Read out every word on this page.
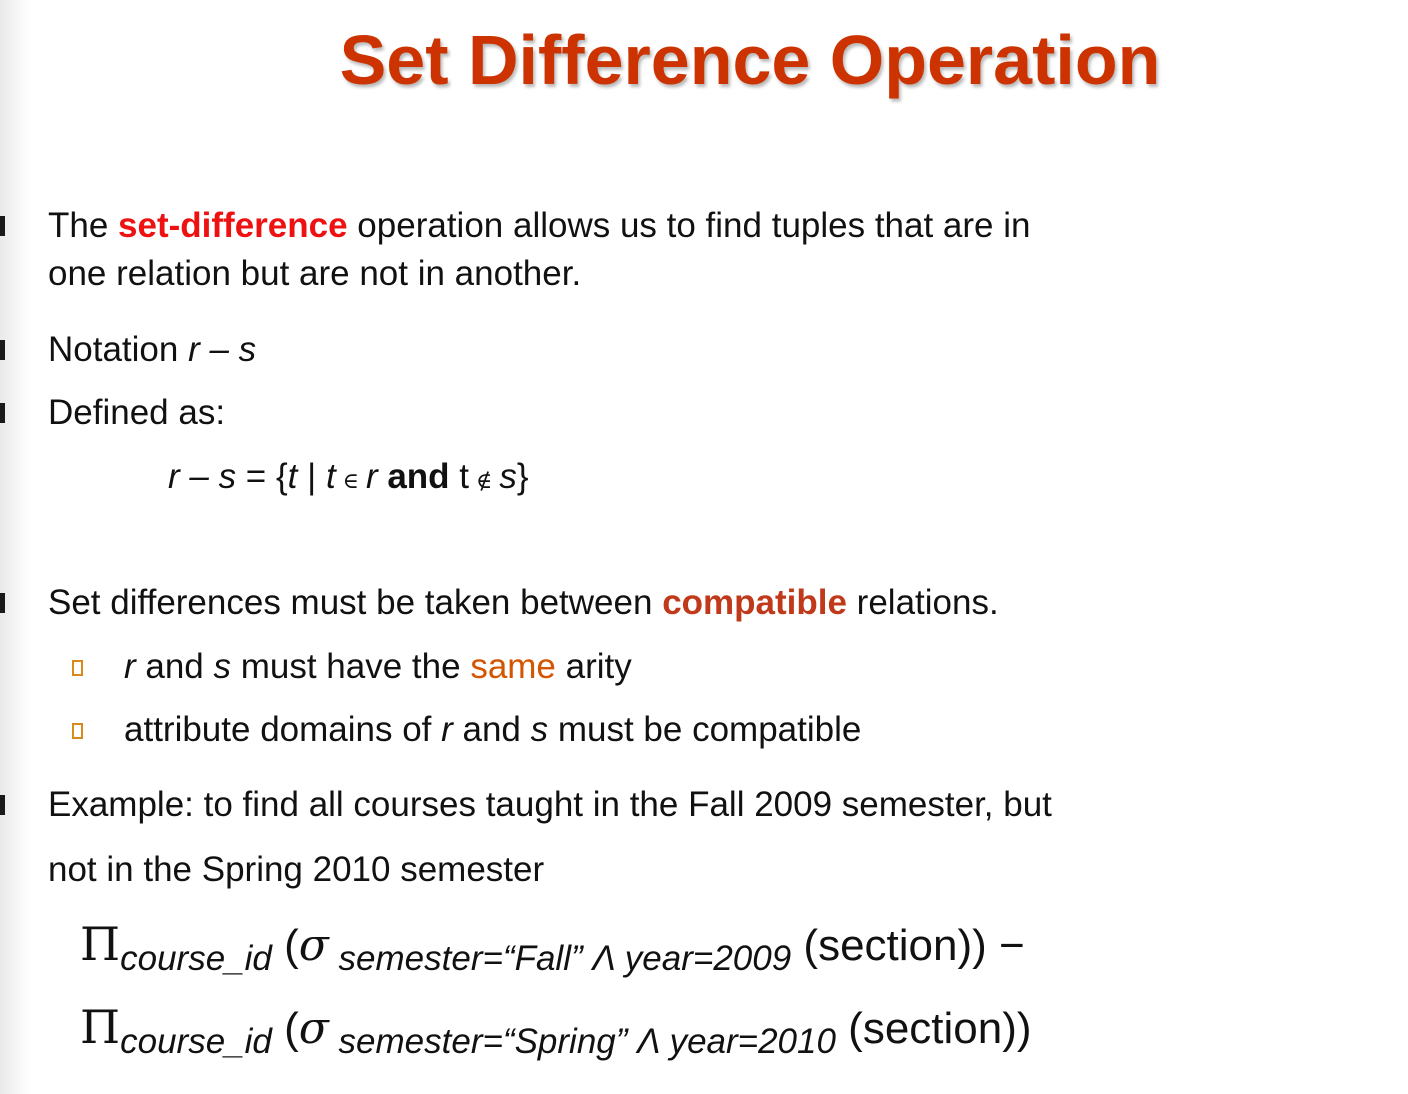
Set Difference Operation
The set-difference operation allows us to find tuples that are in
one relation but are not in another.
Notation r – s
Defined as:
r – s = {t | t ∈ r and t ∉ s}
Set differences must be taken between compatible relations.
r and s must have the same arity
attribute domains of r and s must be compatible
Example: to find all courses taught in the Fall 2009 semester, but
not in the Spring 2010 semester
Πcourse_id (σ semester=“Fall” Λ year=2009 (section)) −
Πcourse_id (σ semester=“Spring” Λ year=2010 (section))
